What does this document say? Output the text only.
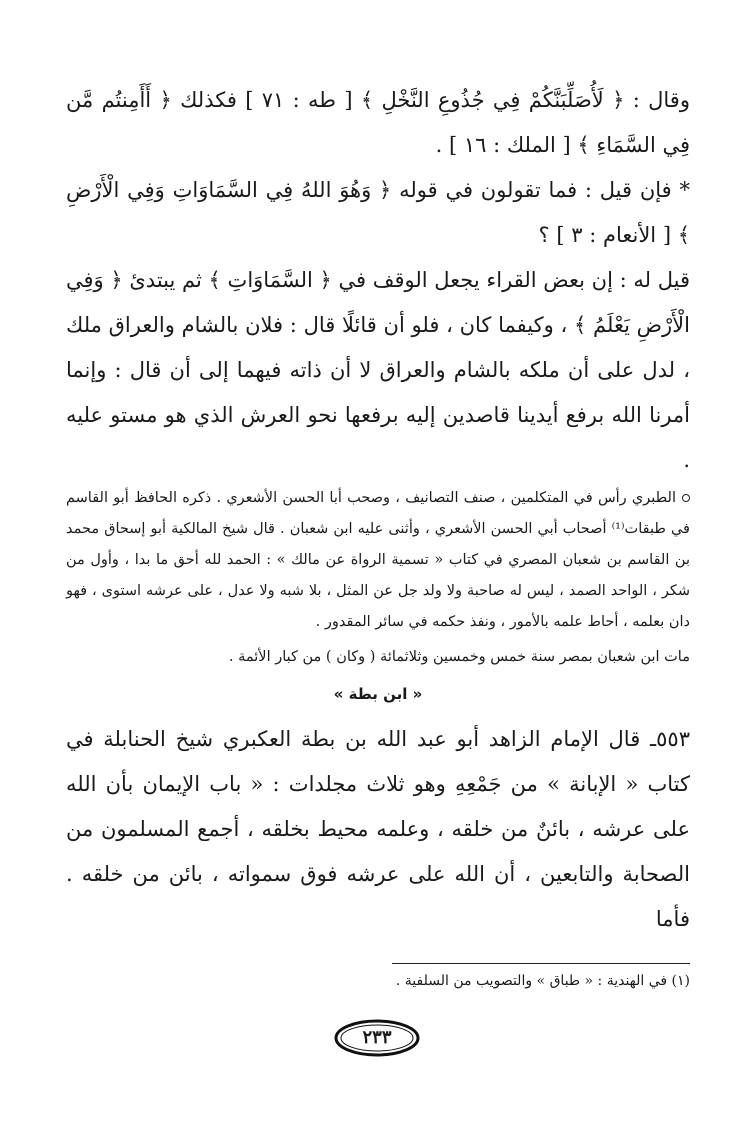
وقال : ﴿ لَأُصَلِّبَنَّكُمْ فِي جُذُوعِ النَّخْلِ ﴾ [ طه : ٧١ ] فكذلك ﴿ أَأَمِنتُم مَّن فِي السَّمَاءِ ﴾ [ الملك : ١٦ ] .

* فإن قيل : فما تقولون في قوله ﴿ وَهُوَ اللهُ فِي السَّمَاوَاتِ وَفِي الْأَرْضِ ﴾ [ الأنعام : ٣ ] ؟

قيل له : إن بعض القراء يجعل الوقف في ﴿ السَّمَاوَاتِ ﴾ ثم يبتدئ ﴿ وَفِي الْأَرْضِ يَعْلَمُ ﴾ ، وكيفما كان ، فلو أن قائلًا قال : فلان بالشام والعراق ملك ، لدل على أن ملكه بالشام والعراق لا أن ذاته فيهما إلى أن قال : وإنما أمرنا الله برفع أيدينا قاصدين إليه برفعها نحو العرش الذي هو مستو عليه .

الطبري رأس في المتكلمين ، صنف التصانيف ، وصحب أبا الحسن الأشعري . ذكره الحافظ أبو القاسم في طبقات⁽¹⁾ أصحاب أبي الحسن الأشعري ، وأثنى عليه ابن شعبان . قال شيخ المالكية أبو إسحاق محمد بن القاسم بن شعبان المصري في كتاب « تسمية الرواة عن مالك » : الحمد لله أحق ما بدا ، وأول من شكر ، الواحد الصمد ، ليس له صاحبة ولا ولد جل عن المثل ، بلا شبه ولا عدل ، على عرشه استوى ، فهو دان بعلمه ، أحاط علمه بالأمور ، ونفذ حكمه في سائر المقدور .

مات ابن شعبان بمصر سنة خمس وخمسين وثلاثمائة ( وكان ) من كبار الأئمة .

« ابن بطة »

٥٥٣ـ قال الإمام الزاهد أبو عبد الله بن بطة العكبري شيخ الحنابلة في كتاب « الإبانة » من جَمْعِهِ وهو ثلاث مجلدات : « باب الإيمان بأن الله على عرشه ، بائنٌ من خلقه ، وعلمه محيط بخلقه ، أجمع المسلمون من الصحابة والتابعين ، أن الله على عرشه فوق سمواته ، بائن من خلقه . فأما

(١) في الهندية : « طباق » والتصويب من السلفية .
٢٣٣
